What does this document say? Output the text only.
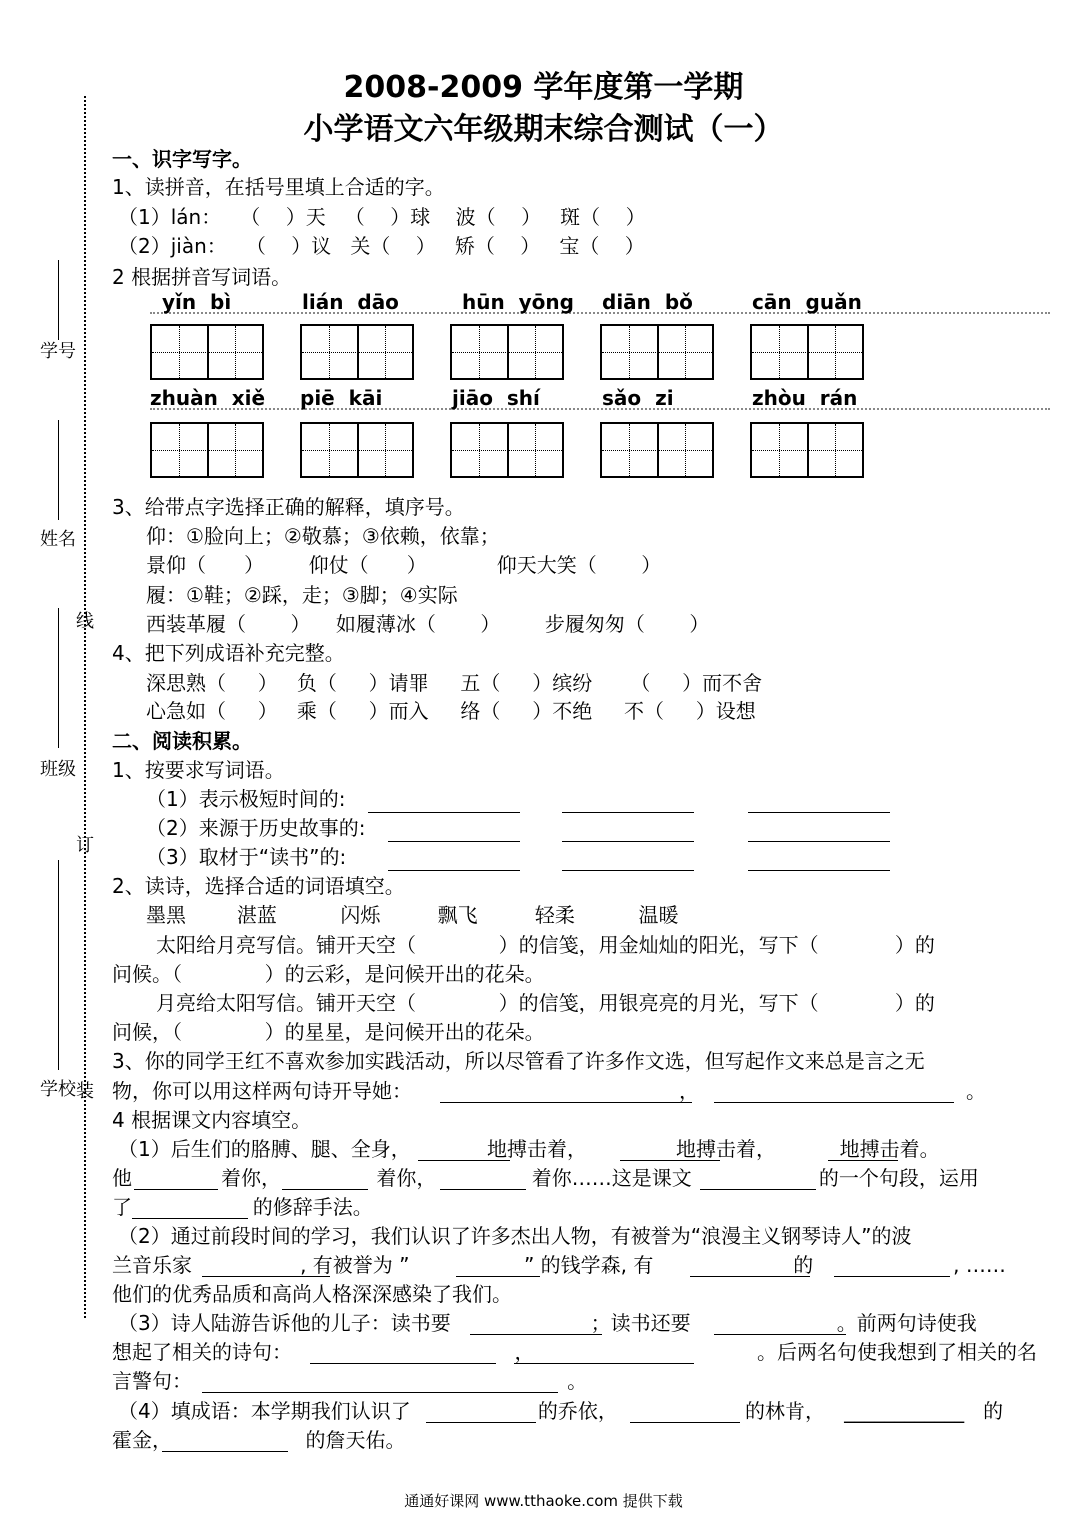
2008-2009 学年度第一学期
小学语文六年级期末综合测试（一）
学号
姓名
线
班级
订
学校 装
一、识字写字。
1、读拼音，在括号里填上合适的字。
（1）lán：   （    ）天   （    ）球    波（    ）   斑（    ）
（2）jiàn：   （    ）议   关（    ）   矫（    ）   宝（    ）
2 根据拼音写词语。
yǐn  bì	lián  dāo	hūn  yōng diān  bǒ	cān  guǎn
zhuàn  xiě piē  kāi	jiāo  shí	sǎo  zi	zhòu  rán
3、给带点字选择正确的解释，填序号。
仰：①脸向上；②敬慕；③依赖，依靠；
景仰（      ）       仰仗（      ）           仰天大笑（       ）
履：①鞋；②踩，走；③脚；④实际
西装革履（       ）    如履薄冰（       ）       步履匆匆（       ）
4、把下列成语补充完整。
深思熟（     ）   负（     ）请罪     五（     ）缤纷      （     ）而不舍
心急如（     ）   乘（     ）而入     络（     ）不绝     不（     ）设想
二、阅读积累。
1、按要求写词语。
（1）表示极短时间的:
（2）来源于历史故事的:
（3）取材于“读书”的:
2、读诗，选择合适的词语填空。
墨黑        湛蓝          闪烁         飘飞         轻柔          温暖
太阳给月亮写信。铺开天空（             ）的信笺，用金灿灿的阳光，写下（            ）的
问候。（             ）的云彩，是问候开出的花朵。
月亮给太阳写信。铺开天空（             ）的信笺，用银亮亮的月光，写下（            ）的
问候，（             ）的星星，是问候开出的花朵。
3、你的同学王红不喜欢参加实践活动，所以尽管看了许多作文选，但写起作文来总是言之无
物，你可以用这样两句诗开导她：                                          ，                                          。
4 根据课文内容填空。
（1）后生们的胳膊、腿、全身，            地搏击着，              地搏击着，          地搏击着。
他              着你，               着你，               着你……这是课文                    的一个句段，运用
了                   的修辞手法。
（2）通过前段时间的学习，我们认识了许多杰出人物，有被誉为“浪漫主义钢琴诗人”的波
兰音乐家                 , 有被誉为 ”                  ” 的钱学森, 有                      的                      , ……
他们的优秀品质和高尚人格深深感染了我们。
（3）诗人陆游告诉他的儿子：读书要                      ；读书还要                       。前两句诗使我
想起了相关的诗句：                                   ，                                   。后两名句使我想到了相关的名
言警句：                                                           。
（4）填成语：本学期我们认识了                    的乔依，                    的林肯，   ____________   的
霍金，                     的詹天佑。
通通好课网 www.tthaoke.com 提供下载
